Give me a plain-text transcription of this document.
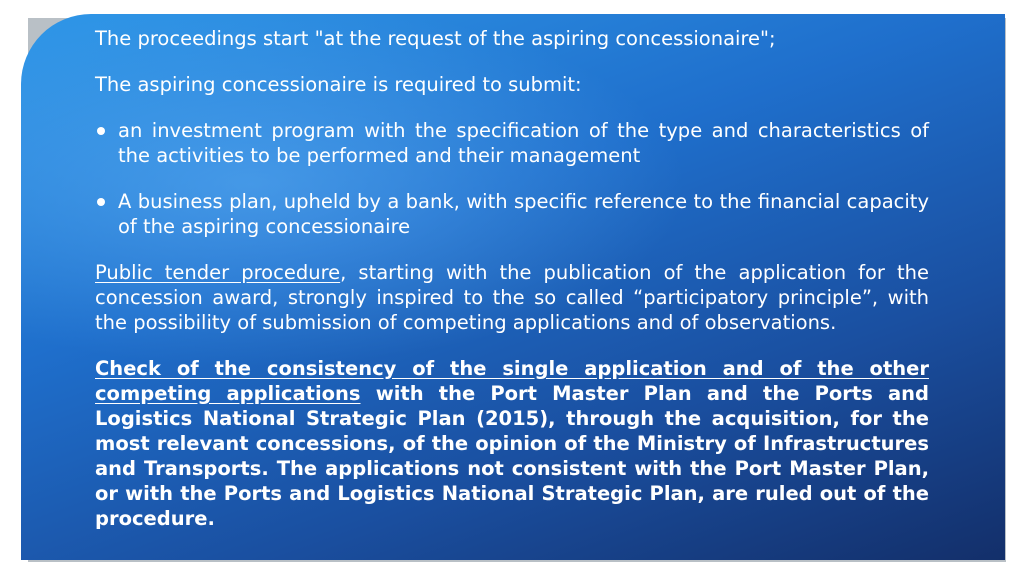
The proceedings start "at the request of the aspiring concessionaire";

The aspiring concessionaire is required to submit:

an investment program with the specification of the type and characteristics of the activities to be performed and their management
A business plan, upheld by a bank, with specific reference to the financial capacity of the aspiring concessionaire

Public tender procedure, starting with the publication of the application for the concession award, strongly inspired to the so called “participatory principle”, with the possibility of submission of competing applications and of observations.

Check of the consistency of the single application and of the other competing applications with the Port Master Plan and the Ports and Logistics National Strategic Plan (2015), through the acquisition, for the most relevant concessions, of the opinion of the Ministry of Infrastructures and Transports. The applications not consistent with the Port Master Plan, or with the Ports and Logistics National Strategic Plan, are ruled out of the procedure.
